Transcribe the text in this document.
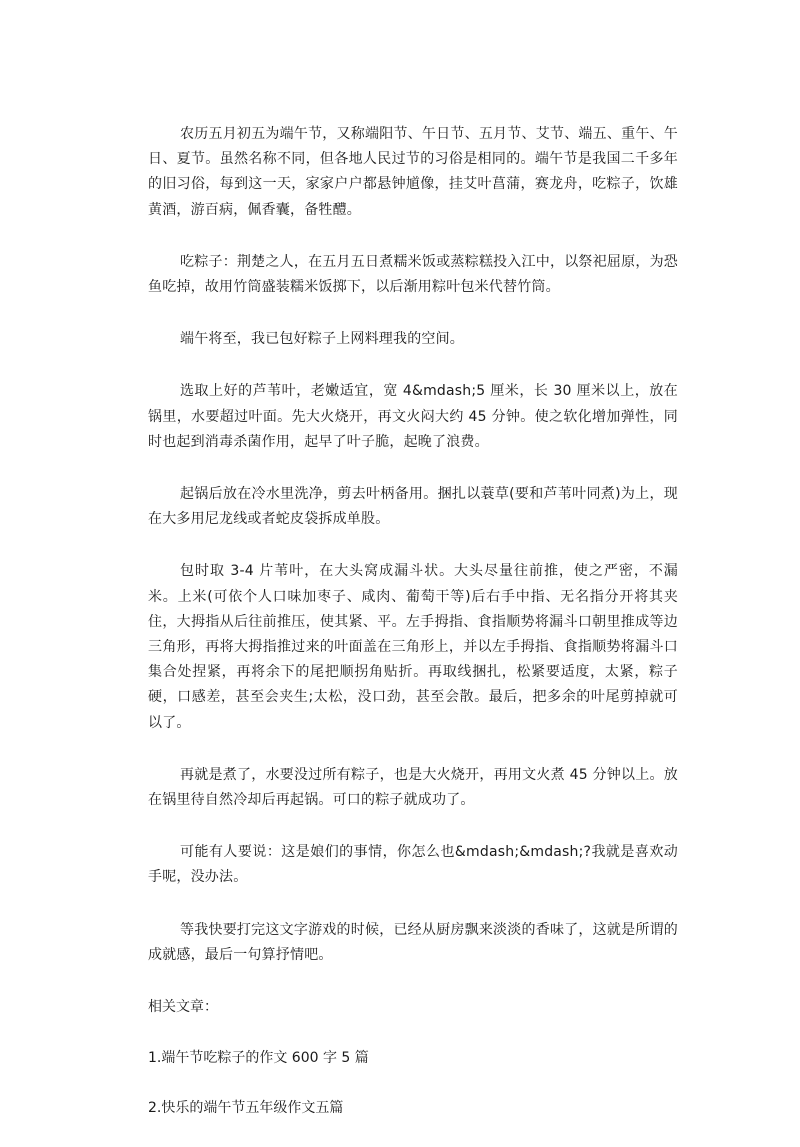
农历五月初五为端午节，又称端阳节、午日节、五月节、艾节、端五、重午、午日、夏节。虽然名称不同，但各地人民过节的习俗是相同的。端午节是我国二千多年的旧习俗，每到这一天，家家户户都悬钟馗像，挂艾叶菖蒲，赛龙舟，吃粽子，饮雄黄酒，游百病，佩香囊，备牲醴。

吃粽子：荆楚之人，在五月五日煮糯米饭或蒸粽糕投入江中，以祭祀屈原，为恐鱼吃掉，故用竹筒盛装糯米饭掷下，以后渐用粽叶包米代替竹筒。

端午将至，我已包好粽子上网料理我的空间。

选取上好的芦苇叶，老嫩适宜，宽 4&mdash;5 厘米，长 30 厘米以上，放在锅里，水要超过叶面。先大火烧开，再文火闷大约 45 分钟。使之软化增加弹性，同时也起到消毒杀菌作用，起早了叶子脆，起晚了浪费。

起锅后放在冷水里洗净，剪去叶柄备用。捆扎以蓑草(要和芦苇叶同煮)为上，现在大多用尼龙线或者蛇皮袋拆成单股。

包时取 3-4 片苇叶，在大头窝成漏斗状。大头尽量往前推，使之严密，不漏米。上米(可依个人口味加枣子、咸肉、葡萄干等)后右手中指、无名指分开将其夹住，大拇指从后往前推压，使其紧、平。左手拇指、食指顺势将漏斗口朝里推成等边三角形，再将大拇指推过来的叶面盖在三角形上，并以左手拇指、食指顺势将漏斗口集合处捏紧，再将余下的尾把顺拐角贴折。再取线捆扎，松紧要适度，太紧，粽子硬，口感差，甚至会夹生;太松，没口劲，甚至会散。最后，把多余的叶尾剪掉就可以了。

再就是煮了，水要没过所有粽子，也是大火烧开，再用文火煮 45 分钟以上。放在锅里待自然冷却后再起锅。可口的粽子就成功了。

可能有人要说：这是娘们的事情，你怎么也&mdash;&mdash;?我就是喜欢动手呢，没办法。

等我快要打完这文字游戏的时候，已经从厨房飘来淡淡的香味了，这就是所谓的成就感，最后一句算抒情吧。

相关文章：

1.端午节吃粽子的作文 600 字 5 篇
2.快乐的端午节五年级作文五篇
